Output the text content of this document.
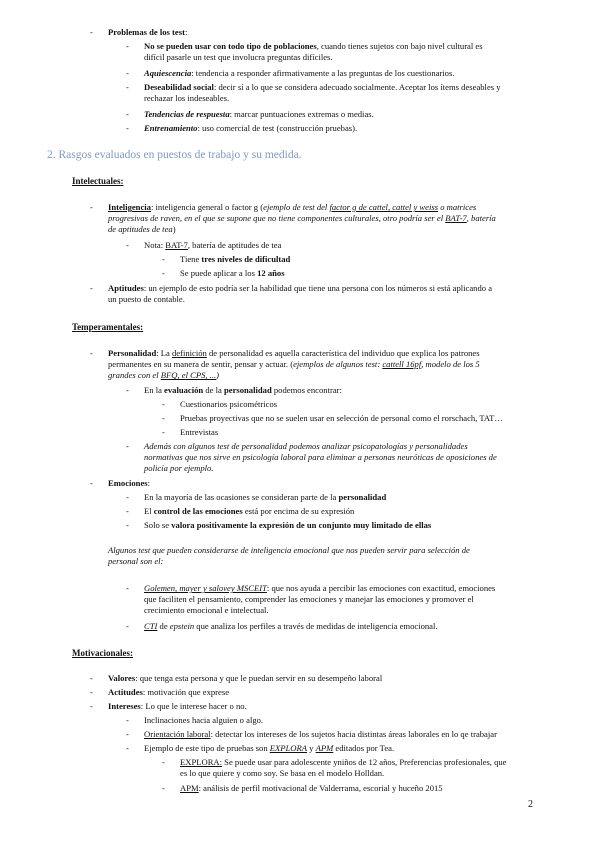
- Problemas de los test:
- No se pueden usar con todo tipo de poblaciones, cuando tienes sujetos con bajo nivel cultural es
difícil pasarle un test que involucra preguntas difíciles.
- Aquiescencia: tendencia a responder afirmativamente a las preguntas de los cuestionarios.
- Deseabilidad social: decir sí a lo que se considera adecuado socialmente. Aceptar los ítems deseables y
rechazar los indeseables.
- Tendencias de respuesta: marcar puntuaciones extremas o medias.
- Entrenamiento: uso comercial de test (construcción pruebas).
2. Rasgos evaluados en puestos de trabajo y su medida.
Intelectuales:
- Inteligencia: inteligencia general o factor g (ejemplo de test del factor g de cattel, cattel y weiss o matrices
progresivas de raven, en el que se supone que no tiene componentes culturales, otro podría ser el BAT-7, batería
de aptitudes de tea)
- Nota: BAT-7, batería de aptitudes de tea
- Tiene tres niveles de dificultad
- Se puede aplicar a los 12 años
- Aptitudes: un ejemplo de esto podría ser la habilidad que tiene una persona con los números si está aplicando a
un puesto de contable.
Temperamentales:
- Personalidad: La definición de personalidad es aquella característica del individuo que explica los patrones
permanentes en su manera de sentir, pensar y actuar. (ejemplos de algunos test: cattell 16pf, modelo de los 5
grandes con el BFQ, el CPS, ...)
- En la evaluación de la personalidad podemos encontrar:
- Cuestionarios psicométricos
- Pruebas proyectivas que no se suelen usar en selección de personal como el rorschach, TAT…
- Entrevistas
- Además con algunos test de personalidad podemos analizar psicopatologías y personalidades
normativas que nos sirve en psicología laboral para eliminar a personas neuróticas de oposiciones de
policía por ejemplo.
- Emociones:
- En la mayoría de las ocasiones se consideran parte de la personalidad
- El control de las emociones está por encima de su expresión
- Solo se valora positivamente la expresión de un conjunto muy limitado de ellas
Algunos test que pueden considerarse de inteligencia emocional que nos pueden servir para selección de
personal son el:
- Golemen, mayer y salovey MSCEIT: que nos ayuda a percibir las emociones con exactitud, emociones
que faciliten el pensamiento, comprender las emociones y manejar las emociones y promover el
crecimiento emocional e intelectual.
- CTI de epstein que analiza los perfiles a través de medidas de inteligencia emocional.
Motivacionales:
- Valores: que tenga esta persona y que le puedan servir en su desempeño laboral
- Actitudes: motivación que exprese
- Intereses: Lo que le interese hacer o no.
- Inclinaciones hacia alguien o algo.
- Orientación laboral: detectar los intereses de los sujetos hacia distintas áreas laborales en lo qe trabajar
- Ejemplo de este tipo de pruebas son EXPLORA y APM editados por Tea.
- EXPLORA: Se puede usar para adolescente yniños de 12 años, Preferencias profesionales, que
es lo que quiere y como soy. Se basa en el modelo Holldan.
- APM: análisis de perfil motivacional de Valderrama, escorial y huceño 2015
2
